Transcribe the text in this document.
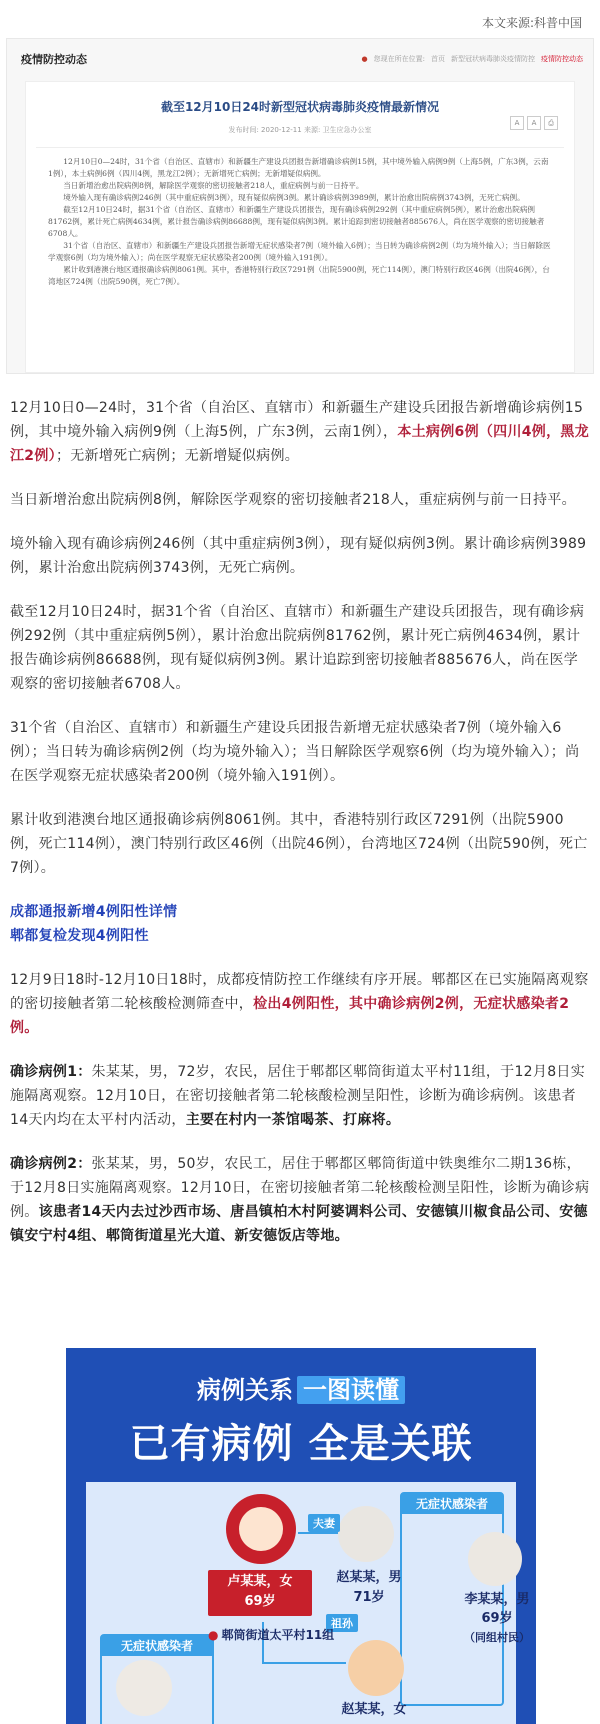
本文来源:科普中国
疫情防控动态	● 您现在所在位置: 首页 新型冠状病毒肺炎疫情防控 疫情防控动态
截至12月10日24时新型冠状病毒肺炎疫情最新情况
发布时间: 2020-12-11 来源: 卫生应急办公室
A	A	⎙

12月10日0—24时，31个省（自治区、直辖市）和新疆生产建设兵团报告新增确诊病例15例，其中境外输入病例9例（上海5例，广东3例，云南1例），本土病例6例（四川4例，黑龙江2例）；无新增死亡病例；无新增疑似病例。

当日新增治愈出院病例8例，解除医学观察的密切接触者218人，重症病例与前一日持平。

境外输入现有确诊病例246例（其中重症病例3例），现有疑似病例3例。累计确诊病例3989例，累计治愈出院病例3743例，无死亡病例。

截至12月10日24时，据31个省（自治区、直辖市）和新疆生产建设兵团报告，现有确诊病例292例（其中重症病例5例），累计治愈出院病例81762例，累计死亡病例4634例，累计报告确诊病例86688例，现有疑似病例3例。累计追踪到密切接触者885676人，尚在医学观察的密切接触者6708人。

31个省（自治区、直辖市）和新疆生产建设兵团报告新增无症状感染者7例（境外输入6例）；当日转为确诊病例2例（均为境外输入）；当日解除医学观察6例（均为境外输入）；尚在医学观察无症状感染者200例（境外输入191例）。

累计收到港澳台地区通报确诊病例8061例。其中，香港特别行政区7291例（出院5900例，死亡114例），澳门特别行政区46例（出院46例），台湾地区724例（出院590例，死亡7例）。

12月10日0—24时，31个省（自治区、直辖市）和新疆生产建设兵团报告新增确诊病例15例，其中境外输入病例9例（上海5例，广东3例，云南1例），本土病例6例（四川4例，黑龙江2例）；无新增死亡病例；无新增疑似病例。

当日新增治愈出院病例8例，解除医学观察的密切接触者218人，重症病例与前一日持平。

境外输入现有确诊病例246例（其中重症病例3例），现有疑似病例3例。累计确诊病例3989例，累计治愈出院病例3743例，无死亡病例。

截至12月10日24时，据31个省（自治区、直辖市）和新疆生产建设兵团报告，现有确诊病例292例（其中重症病例5例），累计治愈出院病例81762例，累计死亡病例4634例，累计报告确诊病例86688例，现有疑似病例3例。累计追踪到密切接触者885676人，尚在医学观察的密切接触者6708人。

31个省（自治区、直辖市）和新疆生产建设兵团报告新增无症状感染者7例（境外输入6例）；当日转为确诊病例2例（均为境外输入）；当日解除医学观察6例（均为境外输入）；尚在医学观察无症状感染者200例（境外输入191例）。

累计收到港澳台地区通报确诊病例8061例。其中，香港特别行政区7291例（出院5900例，死亡114例），澳门特别行政区46例（出院46例），台湾地区724例（出院590例，死亡7例）。

成都通报新增4例阳性详情

郫都复检发现4例阳性

12月9日18时-12月10日18时，成都疫情防控工作继续有序开展。郫都区在已实施隔离观察的密切接触者第二轮核酸检测筛查中，检出4例阳性，其中确诊病例2例，无症状感染者2例。

确诊病例1：朱某某，男，72岁，农民，居住于郫都区郫筒街道太平村11组，于12月8日实施隔离观察。12月10日，在密切接触者第二轮核酸检测呈阳性，诊断为确诊病例。该患者14天内均在太平村内活动，主要在村内一茶馆喝茶、打麻将。

确诊病例2：张某某，男，50岁，农民工，居住于郫都区郫筒街道中铁奥维尔二期136栋，于12月8日实施隔离观察。12月10日，在密切接触者第二轮核酸检测呈阳性，诊断为确诊病例。该患者14天内去过沙西市场、唐昌镇柏木村阿婆调料公司、安德镇川椒食品公司、安德镇安宁村4组、郫筒街道星光大道、新安德饭店等地。

病例关系 一图读懂
已有病例 全是关联
无症状感染者
无症状感染者
夫妻
祖孙
卢某某，女
69岁
赵某某，男
71岁	李某某，男
69岁
（同组村民）
● 郫筒街道太平村11组
赵某某，女
